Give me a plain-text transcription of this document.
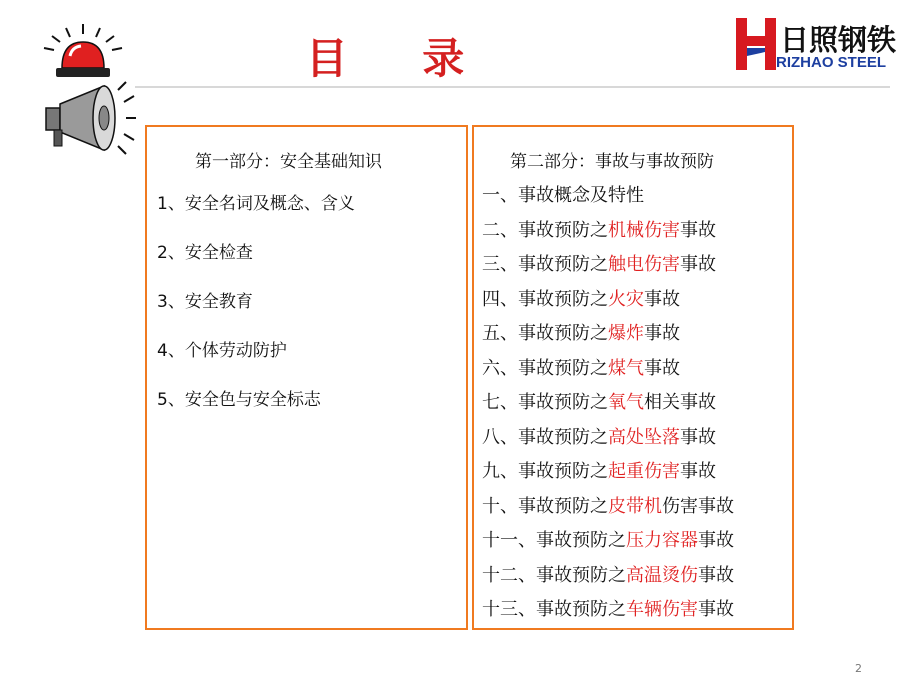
目 录	日照钢铁
RIZHAO STEEL
第一部分：安全基础知识
1、安全名词及概念、含义
2、安全检查
3、安全教育
4、个体劳动防护
5、安全色与安全标志
第二部分：事故与事故预防
一、事故概念及特性
二、事故预防之机械伤害事故
三、事故预防之触电伤害事故
四、事故预防之火灾事故
五、事故预防之爆炸事故
六、事故预防之煤气事故
七、事故预防之氧气相关事故
八、事故预防之高处坠落事故
九、事故预防之起重伤害事故
十、事故预防之皮带机伤害事故
十一、事故预防之压力容器事故
十二、事故预防之高温烫伤事故
十三、事故预防之车辆伤害事故
2
